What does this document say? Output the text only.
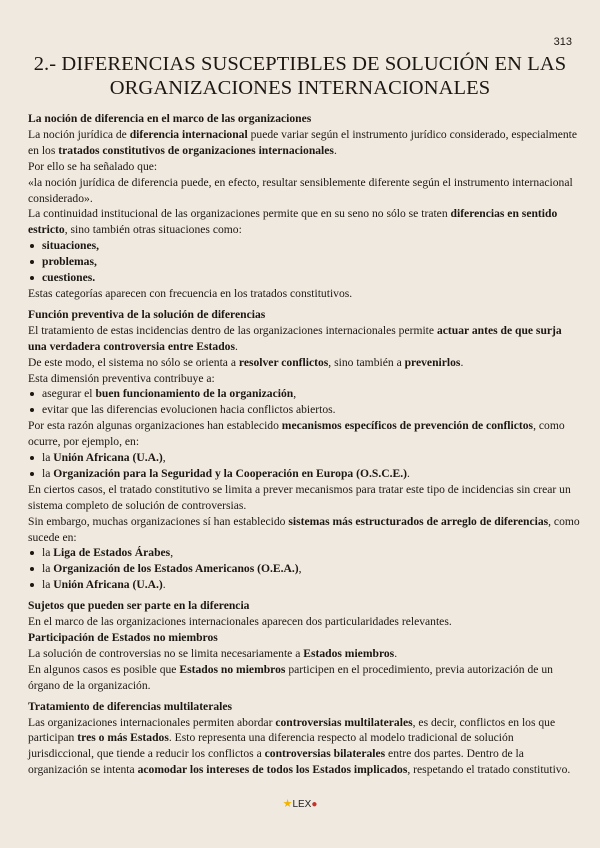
313
2.- DIFERENCIAS SUSCEPTIBLES DE SOLUCIÓN EN LAS
ORGANIZACIONES INTERNACIONALES

La noción de diferencia en el marco de las organizaciones

La noción jurídica de diferencia internacional puede variar según el instrumento jurídico considerado, especialmente en los tratados constitutivos de organizaciones internacionales.

Por ello se ha señalado que:

«la noción jurídica de diferencia puede, en efecto, resultar sensiblemente diferente según el instrumento internacional considerado».

La continuidad institucional de las organizaciones permite que en su seno no sólo se traten diferencias en sentido estricto, sino también otras situaciones como:

situaciones,
problemas,
cuestiones.

Estas categorías aparecen con frecuencia en los tratados constitutivos.

Función preventiva de la solución de diferencias

El tratamiento de estas incidencias dentro de las organizaciones internacionales permite actuar antes de que surja una verdadera controversia entre Estados.

De este modo, el sistema no sólo se orienta a resolver conflictos, sino también a prevenirlos.

Esta dimensión preventiva contribuye a:

asegurar el buen funcionamiento de la organización,
evitar que las diferencias evolucionen hacia conflictos abiertos.

Por esta razón algunas organizaciones han establecido mecanismos específicos de prevención de conflictos, como ocurre, por ejemplo, en:

la Unión Africana (U.A.),
la Organización para la Seguridad y la Cooperación en Europa (O.S.C.E.).

En ciertos casos, el tratado constitutivo se limita a prever mecanismos para tratar este tipo de incidencias sin crear un sistema completo de solución de controversias.

Sin embargo, muchas organizaciones sí han establecido sistemas más estructurados de arreglo de diferencias, como sucede en:

la Liga de Estados Árabes,
la Organización de los Estados Americanos (O.E.A.),
la Unión Africana (U.A.).

Sujetos que pueden ser parte en la diferencia

En el marco de las organizaciones internacionales aparecen dos particularidades relevantes.

Participación de Estados no miembros

La solución de controversias no se limita necesariamente a Estados miembros.

En algunos casos es posible que Estados no miembros participen en el procedimiento, previa autorización de un órgano de la organización.

Tratamiento de diferencias multilaterales

Las organizaciones internacionales permiten abordar controversias multilaterales, es decir, conflictos en los que participan tres o más Estados. Esto representa una diferencia respecto al modelo tradicional de solución jurisdiccional, que tiende a reducir los conflictos a controversias bilaterales entre dos partes. Dentro de la organización se intenta acomodar los intereses de todos los Estados implicados, respetando el tratado constitutivo.

★LEX●
